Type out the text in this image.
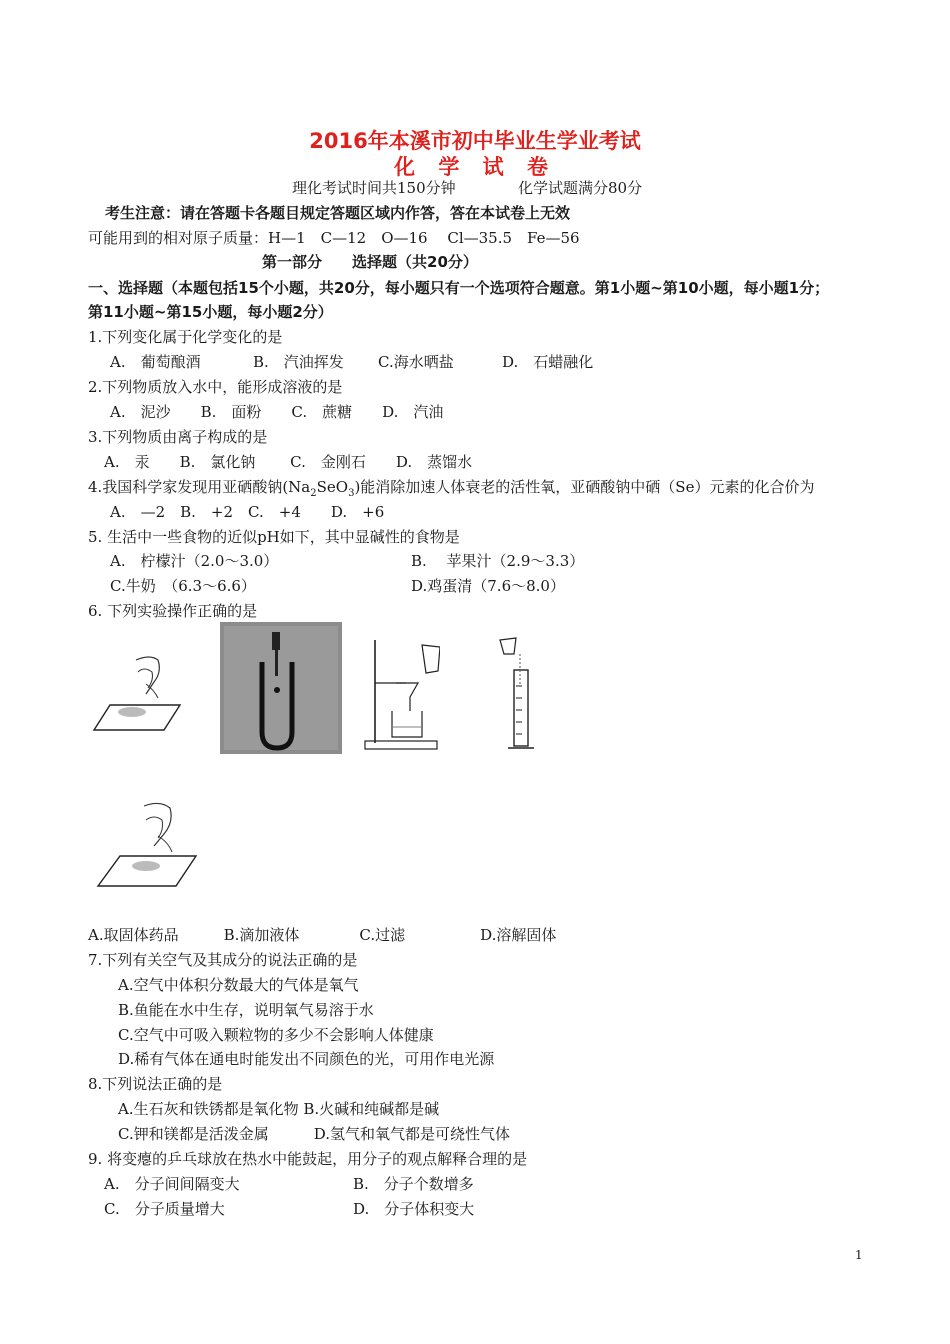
2016年本溪市初中毕业生学业考试
化 学 试 卷
理化考试时间共150分钟	化学试题满分80分
考生注意：请在答题卡各题目规定答题区域内作答，答在本试卷上无效
可能用到的相对原子质量：H—1　C—12　O—16　 Cl—35.5　Fe—56
第一部分　　选择题（共20分）
一、选择题（本题包括15个小题，共20分，每小题只有一个选项符合题意。第1小题~第10小题，每小题1分；
第11小题~第15小题，每小题2分）
1.下列变化属于化学变化的是
A.　葡萄酿酒	B.　汽油挥发 C.海水晒盐	D.　石蜡融化
2.下列物质放入水中，能形成溶液的是
A.　泥沙　　B.　面粉　　C.　蔗糖　　D.　汽油
3.下列物质由离子构成的是
A.　汞　　B.　氯化钠　　 C.　金刚石　　D.　蒸馏水
4.我国科学家发现用亚硒酸钠$(Na_2SeO_3)$能消除加速人体衰老的活性氧，亚硒酸钠中硒（Se）元素的化合价为
A.　—2　B.　+2　C.　+4　　D.　+6
5. 生活中一些食物的近似pH如下，其中显碱性的食物是
A.　柠檬汁（2.0～3.0）	B.　 苹果汁（2.9～3.3）
C.牛奶　（6.3～6.6）	D.鸡蛋清（7.6～8.0）
6. 下列实验操作正确的是
A.取固体药品　　　B.滴加液体　　　　C.过滤　　　　　D.溶解固体
7.下列有关空气及其成分的说法正确的是
A.空气中体积分数最大的气体是氧气
B.鱼能在水中生存，说明氧气易溶于水
C.空气中可吸入颗粒物的多少不会影响人体健康
D.稀有气体在通电时能发出不同颜色的光，可用作电光源
8.下列说法正确的是
A.生石灰和铁锈都是氧化物 B.火碱和纯碱都是碱
C.钾和镁都是活泼金属　　　D.氢气和氧气都是可绕性气体
9. 将变瘪的乒乓球放在热水中能鼓起，用分子的观点解释合理的是
A.　分子间间隔变大	B.　分子个数增多
C.　分子质量增大	D.　分子体积变大
1
